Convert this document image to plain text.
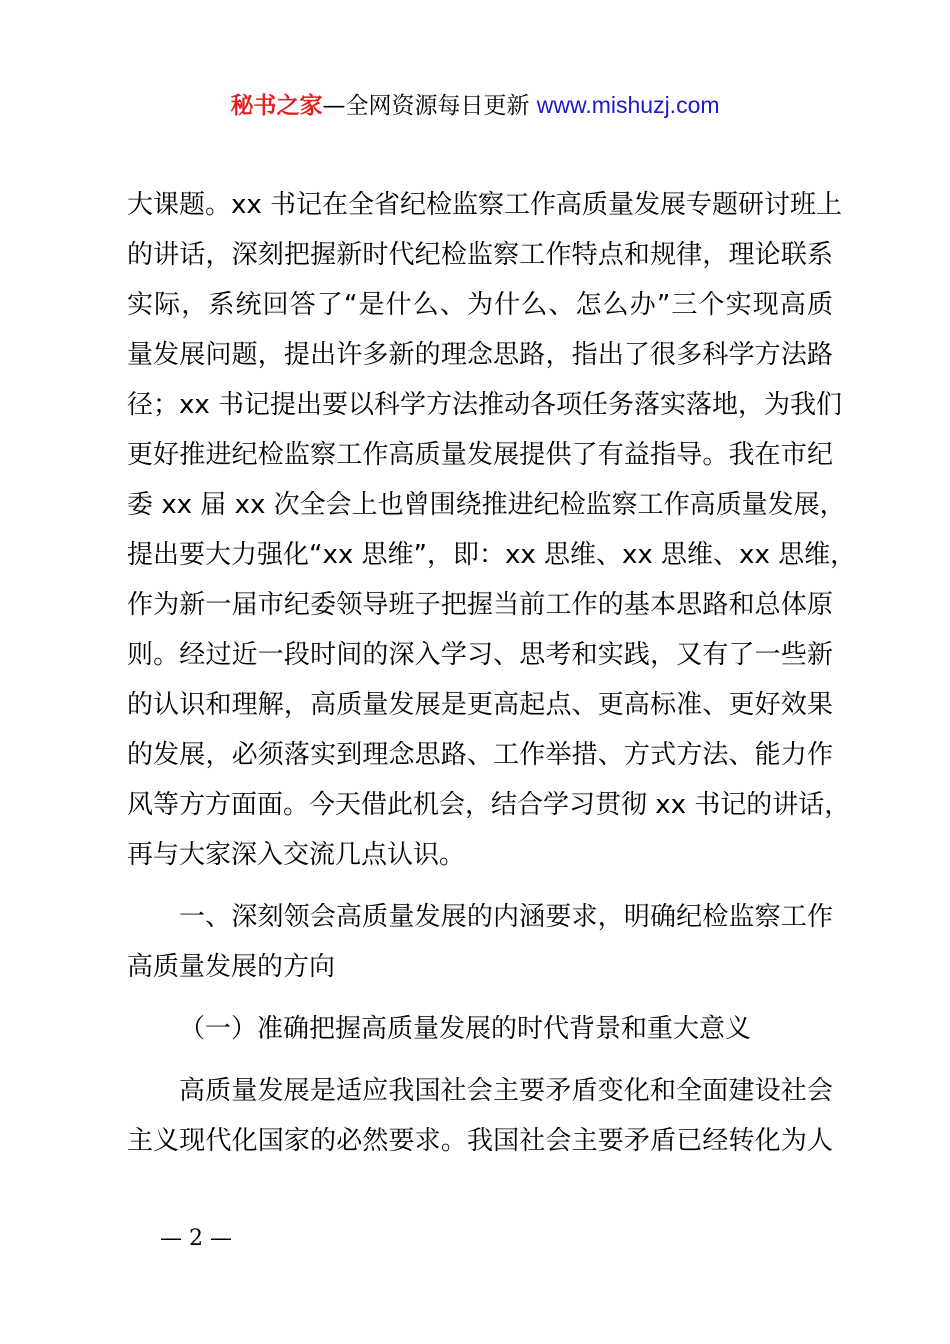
秘书之家—全网资源每日更新 www.mishuzj.com
大课题。xx 书记在全省纪检监察工作高质量发展专题研讨班上
的讲话，深刻把握新时代纪检监察工作特点和规律，理论联系
实际，系统回答了“是什么、为什么、怎么办”三个实现高质
量发展问题，提出许多新的理念思路，指出了很多科学方法路
径；xx 书记提出要以科学方法推动各项任务落实落地，为我们
更好推进纪检监察工作高质量发展提供了有益指导。我在市纪
委 xx 届 xx 次全会上也曾围绕推进纪检监察工作高质量发展，
提出要大力强化“xx 思维”，即：xx 思维、xx 思维、xx 思维，
作为新一届市纪委领导班子把握当前工作的基本思路和总体原
则。经过近一段时间的深入学习、思考和实践，又有了一些新
的认识和理解，高质量发展是更高起点、更高标准、更好效果
的发展，必须落实到理念思路、工作举措、方式方法、能力作
风等方方面面。今天借此机会，结合学习贯彻 xx 书记的讲话，
再与大家深入交流几点认识。
一、深刻领会高质量发展的内涵要求，明确纪检监察工作
高质量发展的方向
（一）准确把握高质量发展的时代背景和重大意义
高质量发展是适应我国社会主要矛盾变化和全面建设社会
主义现代化国家的必然要求。我国社会主要矛盾已经转化为人
— 2 —
